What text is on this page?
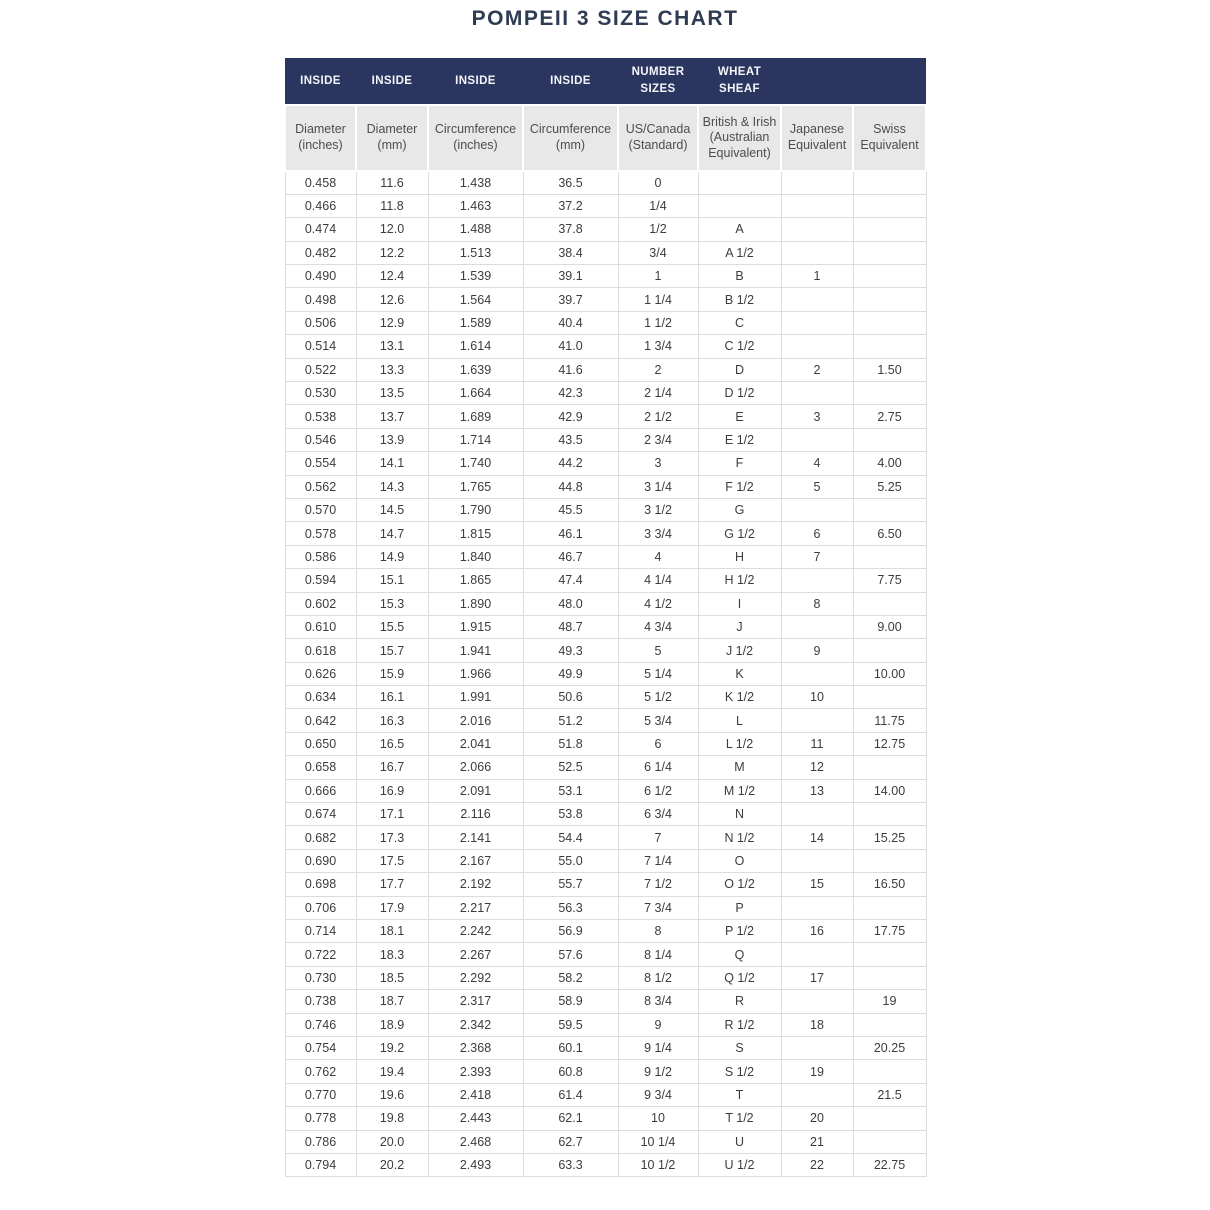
POMPEII 3 SIZE CHART
INSIDE	INSIDE	INSIDE	INSIDE	NUMBER SIZES	WHEAT SHEAF		
Diameter (inches)	Diameter (mm)	Circumference (inches)	Circumference (mm)	US/Canada (Standard)	British & Irish (Australian Equivalent)	Japanese Equivalent	Swiss Equivalent
0.458	11.6	1.438	36.5	0			
0.466	11.8	1.463	37.2	1/4			
0.474	12.0	1.488	37.8	1/2	A		
0.482	12.2	1.513	38.4	3/4	A 1/2		
0.490	12.4	1.539	39.1	1	B	1	
0.498	12.6	1.564	39.7	1 1/4	B 1/2		
0.506	12.9	1.589	40.4	1 1/2	C		
0.514	13.1	1.614	41.0	1 3/4	C 1/2		
0.522	13.3	1.639	41.6	2	D	2	1.50
0.530	13.5	1.664	42.3	2 1/4	D 1/2		
0.538	13.7	1.689	42.9	2 1/2	E	3	2.75
0.546	13.9	1.714	43.5	2 3/4	E 1/2		
0.554	14.1	1.740	44.2	3	F	4	4.00
0.562	14.3	1.765	44.8	3 1/4	F 1/2	5	5.25
0.570	14.5	1.790	45.5	3 1/2	G		
0.578	14.7	1.815	46.1	3 3/4	G 1/2	6	6.50
0.586	14.9	1.840	46.7	4	H	7	
0.594	15.1	1.865	47.4	4 1/4	H 1/2		7.75
0.602	15.3	1.890	48.0	4 1/2	I	8	
0.610	15.5	1.915	48.7	4 3/4	J		9.00
0.618	15.7	1.941	49.3	5	J 1/2	9	
0.626	15.9	1.966	49.9	5 1/4	K		10.00
0.634	16.1	1.991	50.6	5 1/2	K 1/2	10	
0.642	16.3	2.016	51.2	5 3/4	L		11.75
0.650	16.5	2.041	51.8	6	L 1/2	11	12.75
0.658	16.7	2.066	52.5	6 1/4	M	12	
0.666	16.9	2.091	53.1	6 1/2	M 1/2	13	14.00
0.674	17.1	2.116	53.8	6 3/4	N		
0.682	17.3	2.141	54.4	7	N 1/2	14	15.25
0.690	17.5	2.167	55.0	7 1/4	O		
0.698	17.7	2.192	55.7	7 1/2	O 1/2	15	16.50
0.706	17.9	2.217	56.3	7 3/4	P		
0.714	18.1	2.242	56.9	8	P 1/2	16	17.75
0.722	18.3	2.267	57.6	8 1/4	Q		
0.730	18.5	2.292	58.2	8 1/2	Q 1/2	17	
0.738	18.7	2.317	58.9	8 3/4	R		19
0.746	18.9	2.342	59.5	9	R 1/2	18	
0.754	19.2	2.368	60.1	9 1/4	S		20.25
0.762	19.4	2.393	60.8	9 1/2	S 1/2	19	
0.770	19.6	2.418	61.4	9 3/4	T		21.5
0.778	19.8	2.443	62.1	10	T 1/2	20	
0.786	20.0	2.468	62.7	10 1/4	U	21	
0.794	20.2	2.493	63.3	10 1/2	U 1/2	22	22.75
